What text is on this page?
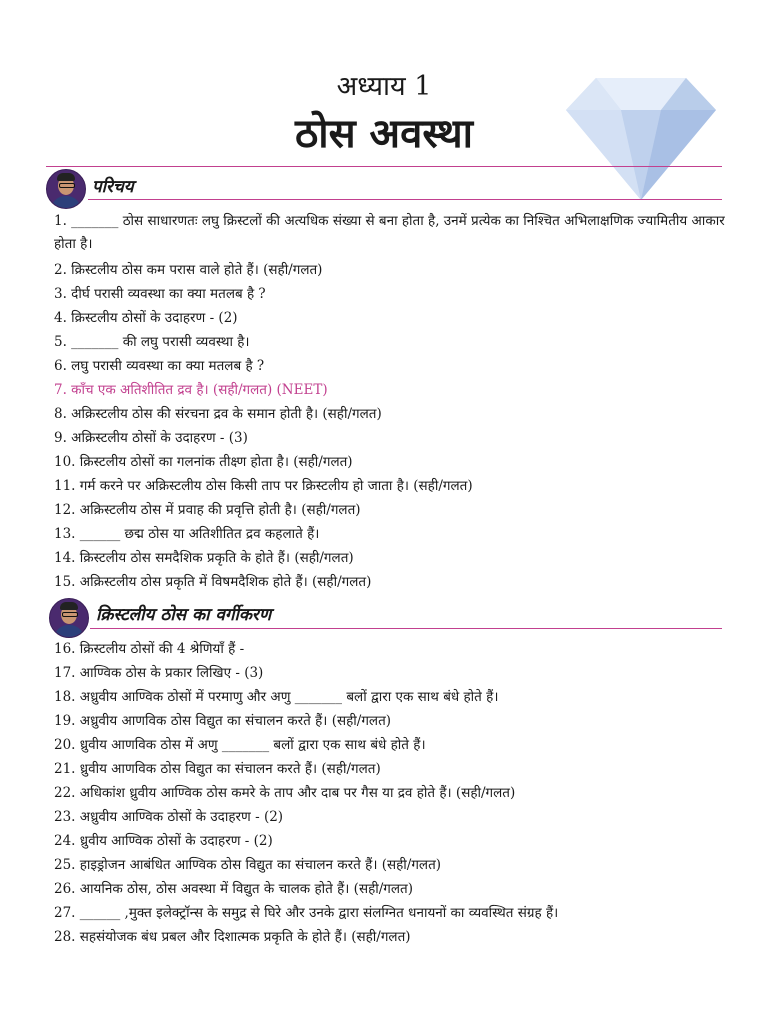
अध्याय 1
ठोस अवस्था
परिचय
1. _______ ठोस साधारणतः लघु क्रिस्टलों की अत्यधिक संख्या से बना होता है, उनमें प्रत्येक का निश्चित अभिलाक्षणिक ज्यामितीय आकार होता है।
2. क्रिस्टलीय ठोस कम परास वाले होते हैं। (सही/गलत)
3. दीर्घ परासी व्यवस्था का क्या मतलब है ?
4. क्रिस्टलीय ठोसों के उदाहरण - (2)
5. _______ की लघु परासी व्यवस्था है।
6. लघु परासी व्यवस्था का क्या मतलब है ?
7. काँच एक अतिशीतित द्रव है। (सही/गलत) (NEET)
8. अक्रिस्टलीय ठोस की संरचना द्रव के समान होती है। (सही/गलत)
9. अक्रिस्टलीय ठोसों के उदाहरण - (3)
10. क्रिस्टलीय ठोसों का गलनांक तीक्ष्ण होता है। (सही/गलत)
11. गर्म करने पर अक्रिस्टलीय ठोस किसी ताप पर क्रिस्टलीय हो जाता है। (सही/गलत)
12. अक्रिस्टलीय ठोस में प्रवाह की प्रवृत्ति होती है। (सही/गलत)
13. ______ छद्म ठोस या अतिशीतित द्रव कहलाते हैं।
14. क्रिस्टलीय ठोस समदैशिक प्रकृति के होते हैं। (सही/गलत)
15. अक्रिस्टलीय ठोस प्रकृति में विषमदैशिक होते हैं। (सही/गलत)
क्रिस्टलीय ठोस का वर्गीकरण
16. क्रिस्टलीय ठोसों की 4 श्रेणियाँ हैं -
17. आण्विक ठोस के प्रकार लिखिए - (3)
18. अध्रुवीय आण्विक ठोसों में परमाणु और अणु _______ बलों द्वारा एक साथ बंधे होते हैं।
19. अध्रुवीय आणविक ठोस विद्युत का संचालन करते हैं। (सही/गलत)
20. ध्रुवीय आणविक ठोस में अणु _______ बलों द्वारा एक साथ बंधे होते हैं।
21. ध्रुवीय आणविक ठोस विद्युत का संचालन करते हैं। (सही/गलत)
22. अधिकांश ध्रुवीय आण्विक ठोस कमरे के ताप और दाब पर गैस या द्रव होते हैं। (सही/गलत)
23. अध्रुवीय आण्विक ठोसों के उदाहरण - (2)
24. ध्रुवीय आण्विक ठोसों के उदाहरण - (2)
25. हाइड्रोजन आबंधित आण्विक ठोस विद्युत का संचालन करते हैं। (सही/गलत)
26. आयनिक ठोस, ठोस अवस्था में विद्युत के चालक होते हैं। (सही/गलत)
27. ______ ,मुक्त इलेक्ट्रॉन्स के समुद्र से घिरे और उनके द्वारा संलग्नित धनायनों का व्यवस्थित संग्रह हैं।
28. सहसंयोजक बंध प्रबल और दिशात्मक प्रकृति के होते हैं। (सही/गलत)
